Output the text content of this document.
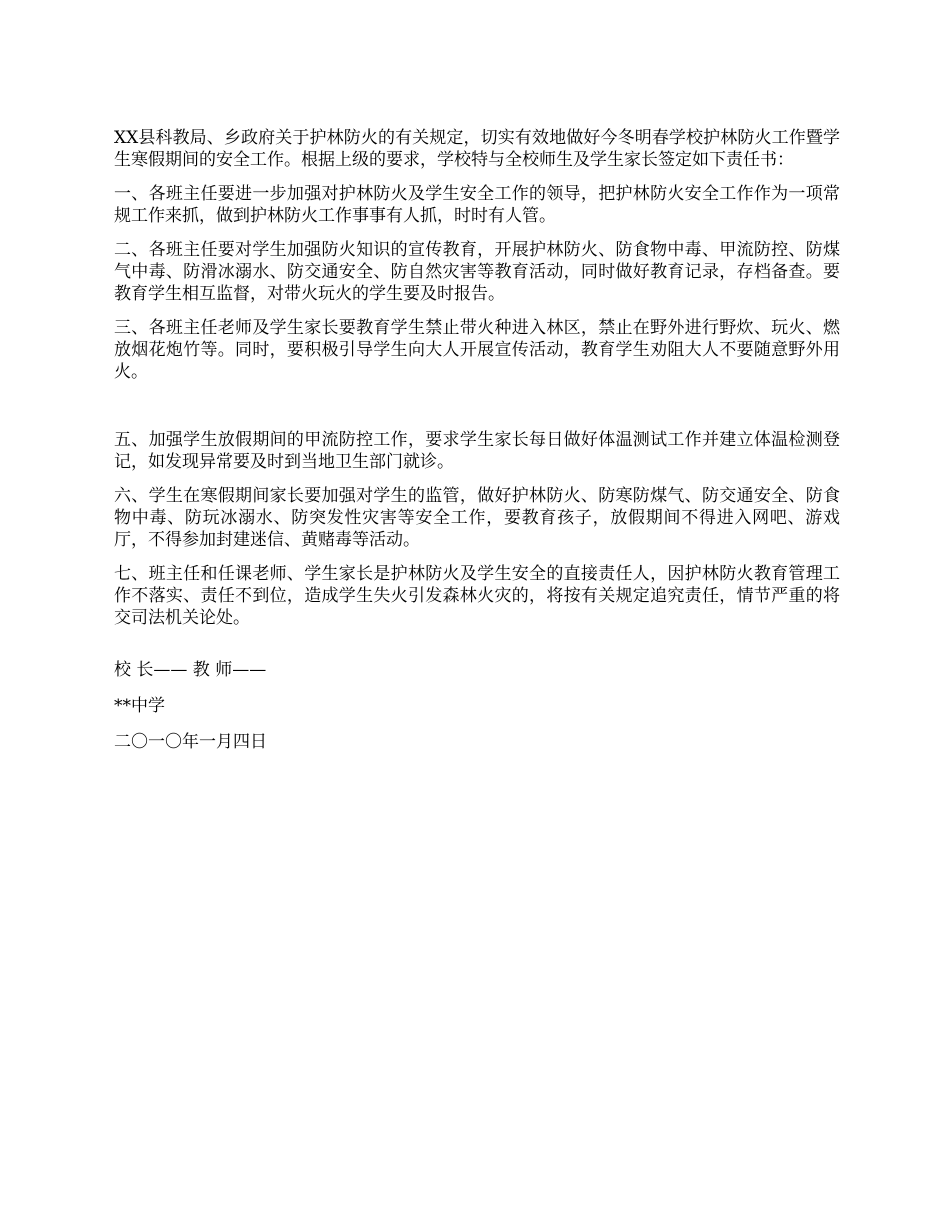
XX县科教局、乡政府关于护林防火的有关规定，切实有效地做好今冬明春学校护林防火工作暨学生寒假期间的安全工作。根据上级的要求，学校特与全校师生及学生家长签定如下责任书：

一、各班主任要进一步加强对护林防火及学生安全工作的领导，把护林防火安全工作作为一项常规工作来抓，做到护林防火工作事事有人抓，时时有人管。

二、各班主任要对学生加强防火知识的宣传教育，开展护林防火、防食物中毒、甲流防控、防煤气中毒、防滑冰溺水、防交通安全、防自然灾害等教育活动，同时做好教育记录，存档备查。要教育学生相互监督，对带火玩火的学生要及时报告。

三、各班主任老师及学生家长要教育学生禁止带火种进入林区，禁止在野外进行野炊、玩火、燃放烟花炮竹等。同时，要积极引导学生向大人开展宣传活动，教育学生劝阻大人不要随意野外用火。

五、加强学生放假期间的甲流防控工作，要求学生家长每日做好体温测试工作并建立体温检测登记，如发现异常要及时到当地卫生部门就诊。

六、学生在寒假期间家长要加强对学生的监管，做好护林防火、防寒防煤气、防交通安全、防食物中毒、防玩冰溺水、防突发性灾害等安全工作，要教育孩子，放假期间不得进入网吧、游戏厅，不得参加封建迷信、黄赌毒等活动。

七、班主任和任课老师、学生家长是护林防火及学生安全的直接责任人，因护林防火教育管理工作不落实、责任不到位，造成学生失火引发森林火灾的，将按有关规定追究责任，情节严重的将交司法机关论处。

校 长—— 教 师——

**中学

二〇一〇年一月四日
